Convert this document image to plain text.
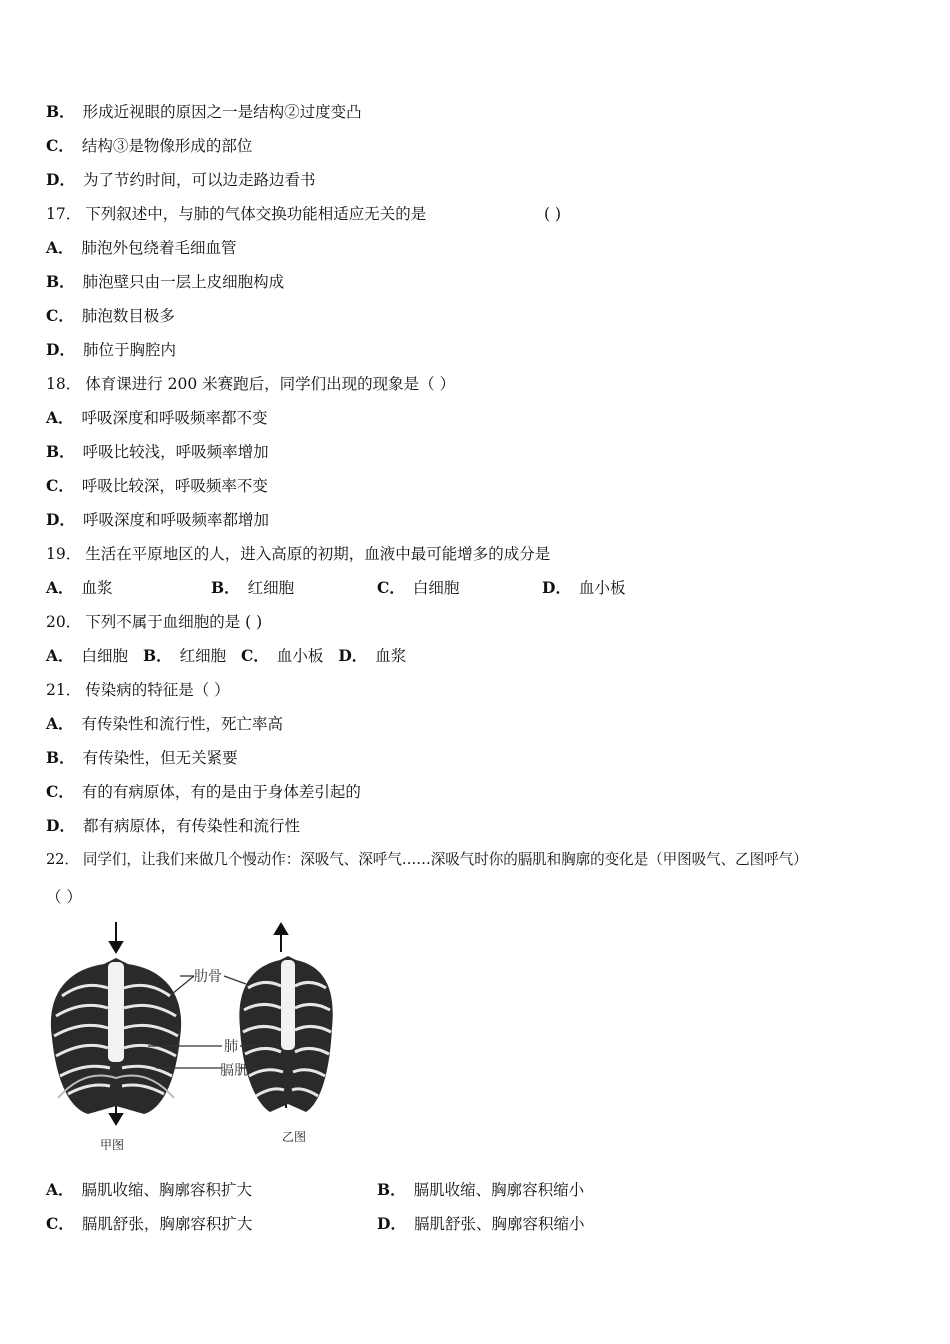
B． 形成近视眼的原因之一是结构②过度变凸
C． 结构③是物像形成的部位
D． 为了节约时间，可以边走路边看书
17． 下列叙述中，与肺的气体交换功能相适应无关的是	( )
A． 肺泡外包绕着毛细血管
B． 肺泡壁只由一层上皮细胞构成
C． 肺泡数目极多
D． 肺位于胸腔内
18． 体育课进行 200 米赛跑后，同学们出现的现象是（ ）
A． 呼吸深度和呼吸频率都不变
B． 呼吸比较浅，呼吸频率增加
C． 呼吸比较深，呼吸频率不变
D． 呼吸深度和呼吸频率都增加
19． 生活在平原地区的人，进入高原的初期，血液中最可能增多的成分是
A． 血浆	B． 红细胞	C． 白细胞	D． 血小板
20． 下列不属于血细胞的是 ( )
A． 白细胞 B． 红细胞 C． 血小板 D． 血浆
21． 传染病的特征是（ ）
A． 有传染性和流行性，死亡率高
B． 有传染性，但无关紧要
C． 有的有病原体，有的是由于身体差引起的
D． 都有病原体，有传染性和流行性
22． 同学们，让我们来做几个慢动作：深吸气、深呼气……深吸气时你的膈肌和胸廓的变化是（甲图吸气、乙图呼气）
（ ）
肋骨
肺
膈肌
甲图
乙图
A． 膈肌收缩、胸廓容积扩大	B． 膈肌收缩、胸廓容积缩小
C． 膈肌舒张，胸廓容积扩大	D． 膈肌舒张、胸廓容积缩小
